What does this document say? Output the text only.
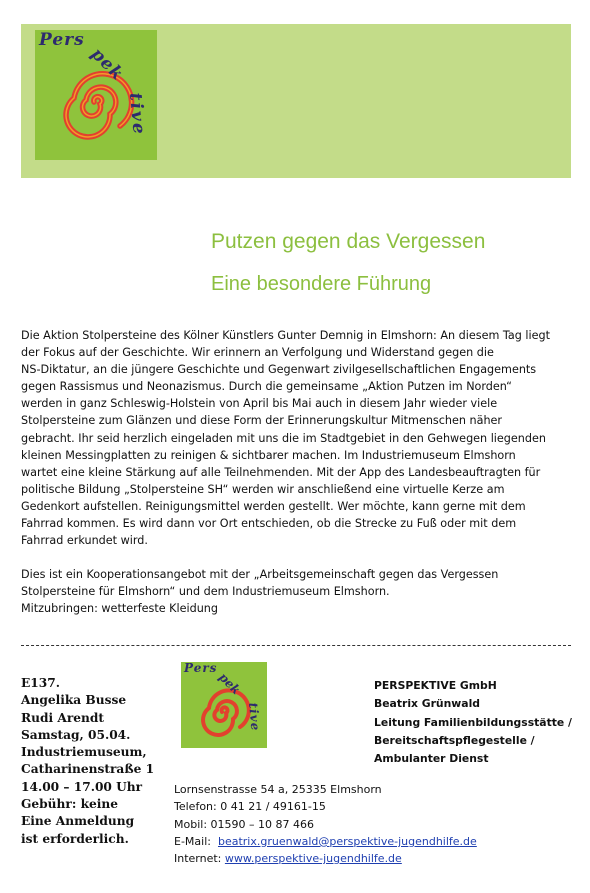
Pers
pek
tive
Putzen gegen das Vergessen
Eine besondere Führung

Die Aktion Stolpersteine des Kölner Künstlers Gunter Demnig in Elmshorn: An diesem Tag liegt

der Fokus auf der Geschichte. Wir erinnern an Verfolgung und Widerstand gegen die

NS-Diktatur, an die jüngere Geschichte und Gegenwart zivilgesellschaftlichen Engagements

gegen Rassismus und Neonazismus. Durch die gemeinsame „Aktion Putzen im Norden“

werden in ganz Schleswig-Holstein von April bis Mai auch in diesem Jahr wieder viele

Stolpersteine zum Glänzen und diese Form der Erinnerungskultur Mitmenschen näher

gebracht. Ihr seid herzlich eingeladen mit uns die im Stadtgebiet in den Gehwegen liegenden

kleinen Messingplatten zu reinigen & sichtbarer machen. Im Industriemuseum Elmshorn

wartet eine kleine Stärkung auf alle Teilnehmenden. Mit der App des Landesbeauftragten für

politische Bildung „Stolpersteine SH“ werden wir anschließend eine virtuelle Kerze am

Gedenkort aufstellen. Reinigungsmittel werden gestellt. Wer möchte, kann gerne mit dem

Fahrrad kommen. Es wird dann vor Ort entschieden, ob die Strecke zu Fuß oder mit dem

Fahrrad erkundet wird.

Dies ist ein Kooperationsangebot mit der „Arbeitsgemeinschaft gegen das Vergessen

Stolpersteine für Elmshorn“ und dem Industriemuseum Elmshorn.

Mitzubringen: wetterfeste Kleidung

E137.
Angelika Busse
Rudi Arendt
Samstag, 05.04.
Industriemuseum,
Catharinenstraße 1
14.00 – 17.00 Uhr
Gebühr: keine
Eine Anmeldung
ist erforderlich.
Pers
pek
tive
PERSPEKTIVE GmbH
Beatrix Grünwald
Leitung Familienbildungsstätte /
Bereitschaftspflegestelle /
Ambulanter Dienst
Lornsenstrasse 54 a, 25335 Elmshorn
Telefon: 0 41 21 / 49161-15
Mobil: 01590 – 10 87 466
E-Mail: beatrix.gruenwald@perspektive-jugendhilfe.de
Internet: www.perspektive-jugendhilfe.de
